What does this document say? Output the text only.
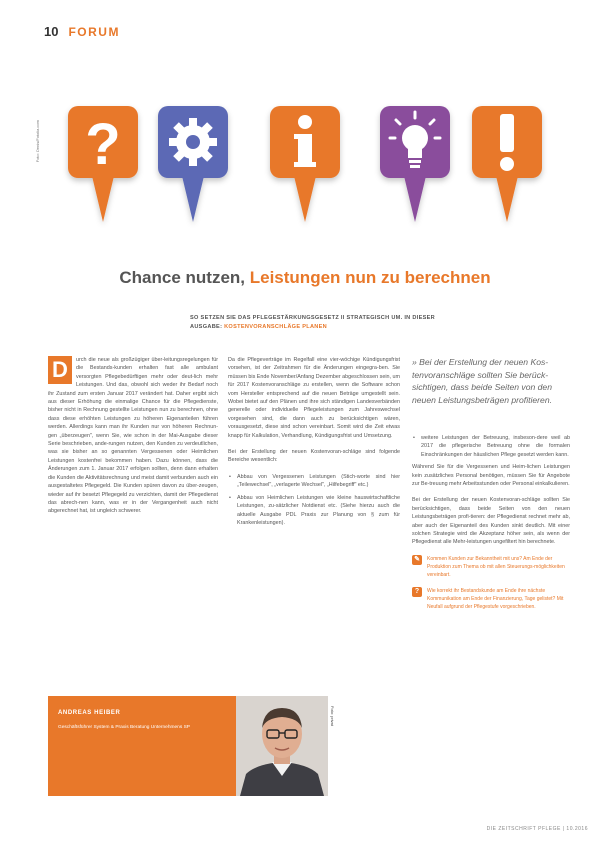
10 FORUM
Foto: Denis/Fotolia.com ?
Chance nutzen, Leistungen nun zu berechnen
SO SETZEN SIE DAS PFLEGESTÄRKUNGSGESETZ II STRATEGISCH UM. IN DIESER AUSGABE: KOSTENVORANSCHLÄGE PLANEN

D	urch die neue als großzügiger über-leitungsregelungen für die Bestands-kunden erhalten fast alle ambulant versorgten Pflegebedürftigen mehr oder deut-lich mehr Leistungen. Und das, obwohl sich weder ihr Bedarf noch ihr Zustand zum ersten Januar 2017 verändert hat. Daher ergibt sich aus dieser Erhöhung die einmalige Chance für die Pflegedienste, bisher nicht in Rechnung gestellte Leistungen nun zu berechnen, ohne dass diese erhöhten Leistungen zu höheren Eigenanteilen führen werden. Allerdings kann man ihr Kunden nur von höheren Rechnun-gen „überzeugen", wenn Sie, wie schon in der Mai-Ausgabe dieser Serie beschrieben, ande-rungen nutzen, den Kunden zu verdeutlichen, was sie bisher an so genannten Vergessenen oder Heimlichen Leistungen kostenfrei bekommen haben. Dazu können, dass die Änderungen zum 1. Januar 2017 erfolgen sollten, denn dann erhalten die Kunden die Aktivitätsrechnung und meist damit verbunden auch ein ausgestaltetes Pflegegeld. Die Kunden spüren davon zu über-zeugen, wieder auf ihr besetzt Pflegegeld zu verzichten, damit der Pflegedienst das abrech-nen kann, was er in der Vergangenheit auch nicht abgerechnet hat, ist ungleich schwerer.

Da die Pflegeverträge im Regelfall eine vier-wöchige Kündigungsfrist vorsehen, ist der Zeitrahmen für die Änderungen eingegra-ben. Sie müssen bis Ende November/Anfang Dezember abgeschlossen sein, um für 2017 Kostenvoranschläge zu erstellen, wenn die Software schon vom Hersteller entsprechend auf die neuen Beträge umgestellt sein. Wobei bietet auf den Plänen und ihre sich ständigen Landesverbänden generelle oder individuelle Pflegeleistungen zum Jahreswechsel vorgesehen sind, die dann auch zu berücksichtigen wären, vorausgesetzt, diese sind schon vereinbart. Somit wird die Zeit etwas knapp für Kalkulation, Verhandlung, Kündigungsfrist und Umsetzung.

Bei der Erstellung der neuen Kostenvoran-schläge sind folgende Bereiche wesentlich:

• Abbau von Vergessenen Leistungen (Stich-worte sind hier „Teilewechsel", „verlagerte Wechsel", „Hilfebegriff" etc.)
• Abbau von Heimlichen Leistungen wie kleine hauswirtschaftliche Leistungen, zu-sätzlicher Notdienst etc. (Siehe hierzu auch die aktuelle Ausgabe PDL Praxis zur Planung von § zum für Krankenleistungen).
» Bei der Erstellung der neuen Kos-tenvoranschläge sollten Sie berück-sichtigen, dass beide Seiten von den neuen Leistungsbeträgen profitieren.
• weitere Leistungen der Betreuung, insbeson-dere weil ab 2017 die pflegerische Betreuung ohne die formalen Einschränkungen der häuslichen Pflege gesetzt werden kann.

Während Sie für die Vergessenen und Heim-lichen Leistungen kein zusätzliches Personal benötigen, müssen Sie für Angebote zur Be-treuung mehr Arbeitsstunden oder Personal einkalkulieren.

Bei der Erstellung der neuen Kostenvoran-schläge sollten Sie berücksichtigen, dass beide Seiten von den neuen Leistungsbeträgen profi-tieren: der Pflegedienst rechnet mehr ab, aber auch der Eigenanteil des Kunden sinkt deutlich. Mit einer solchen Strategie wird die Akzeptanz höher sein, als wenn der Pflegedienst alle Mehr-leistungen ungefiltert hin berechnete.

✎	Kommen Kunden zur Bekanntheit mit uns? Am Ende der Produktion zum Thema ob mit allen Steuerungs-möglichkeiten vereinbart.
?	Wie korrekt ihr Bestandskunde am Ende ihre nächste Kommunikation am Ende der Finanzierung, Tage gelistet? Mit Neufall aufgrund der Pflegestufe vorgeschrieben.
ANDREAS HEIBER
Geschäftsführer System & Praxis Beratung Unternehmens SP
Foto: privat
DIE ZEITSCHRIFT PFLEGE | 10.2016
